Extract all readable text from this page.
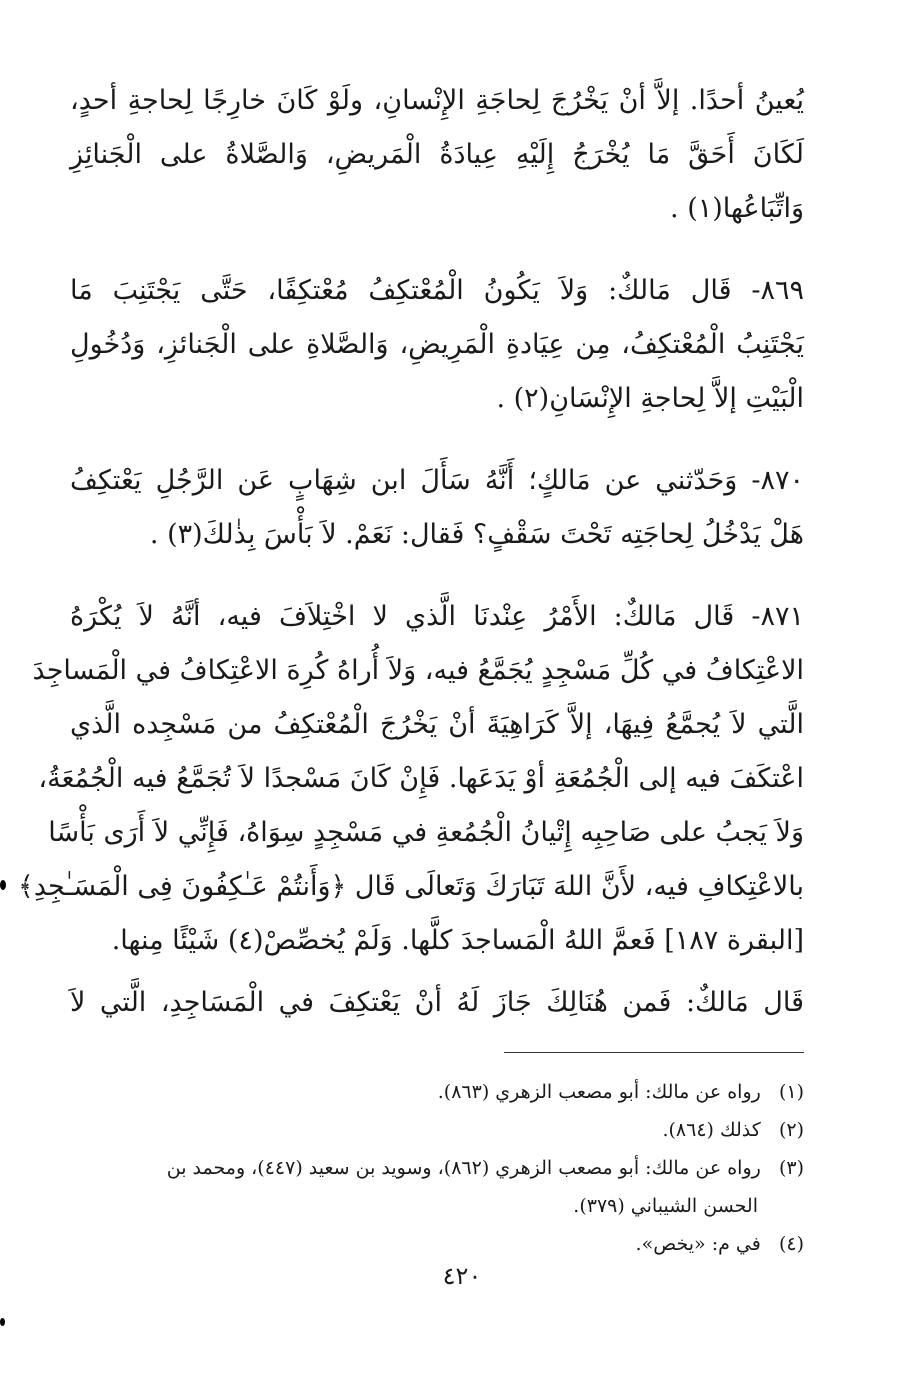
يُعينُ أحدًا. إلاَّ أنْ يَخْرُجَ لِحاجَةِ الإِنْسانِ، ولَوْ كَانَ خارِجًا لِحاجةِ أحدٍ،
لَكَانَ أَحَقَّ مَا يُخْرَجُ إِلَيْهِ عِيادَةُ الْمَريضِ، وَالصَّلاةُ على الْجَنائِزِ
وَاتِّبَاعُها(١) .
٨٦٩- قَال مَالكٌ: وَلاَ يَكُونُ الْمُعْتكِفُ مُعْتكِفًا، حَتَّى يَجْتَنِبَ مَا
يَجْتَنِبُ الْمُعْتكِفُ، مِن عِيَادةِ الْمَرِيضِ، وَالصَّلاةِ على الْجَنائزِ، وَدُخُولِ
الْبَيْتِ إلاَّ لِحاجةِ الإِنْسَانِ(٢) .
٨٧٠- وَحَدّثني عن مَالكٍ؛ أَنَّهُ سَأَلَ ابن شِهَابٍ عَن الرَّجُلِ يَعْتكِفُ
هَلْ يَدْخُلُ لِحاجَتِه تَحْتَ سَقْفٍ؟ فَقال: نَعَمْ. لاَ بَأْسَ بِذٰلكَ(٣) .
٨٧١- قَال مَالكٌ: الأَمْرُ عِنْدنَا الَّذي لا اخْتِلاَفَ فيه، أنَّهُ لاَ يُكْرَهُ
الاعْتِكافُ في كُلِّ مَسْجِدٍ يُجَمَّعُ فيه، وَلاَ أُراهُ كُرِهَ الاعْتِكافُ في الْمَساجِدَ
الَّتي لاَ يُجمَّعُ فِيهَا، إلاَّ كَرَاهِيَةَ أنْ يَخْرُجَ الْمُعْتكِفُ من مَسْجِده الَّذي
اعْتكَفَ فيه إلى الْجُمُعَةِ أوْ يَدَعَها. فَإِنْ كَانَ مَسْجدًا لاَ تُجَمَّعُ فيه الْجُمُعَةُ،
وَلاَ يَجبُ على صَاحِبِه إِتْيانُ الْجُمُعةِ في مَسْجِدٍ سِوَاهُ، فَإِنِّي لاَ أَرَى بَأْسًا
بالاعْتِكافِ فيه، لأَنَّ اللهَ تَبَارَكَ وَتَعالَى قَال ﴿وَأَنتُمْ عَـٰكِفُونَ فِى الْمَسَـٰجِدِ﴾
[البقرة ١٨٧] فَعمَّ اللهُ الْمَساجدَ كلَّها. وَلَمْ يُخصِّصْ(٤) شَيْئًا مِنها.
قَال مَالكٌ: فَمن هُنَالِكَ جَازَ لَهُ أنْ يَعْتكِفَ في الْمَسَاجِدِ، الَّتي لاَ
(١)   رواه عن مالك: أبو مصعب الزهري (٨٦٣).
(٢)   كذلك (٨٦٤).
(٣)   رواه عن مالك: أبو مصعب الزهري (٨٦٢)، وسويد بن سعيد (٤٤٧)، ومحمد بن
الحسن الشيباني (٣٧٩).
(٤)   في م: «يخص».
٤٢٠
